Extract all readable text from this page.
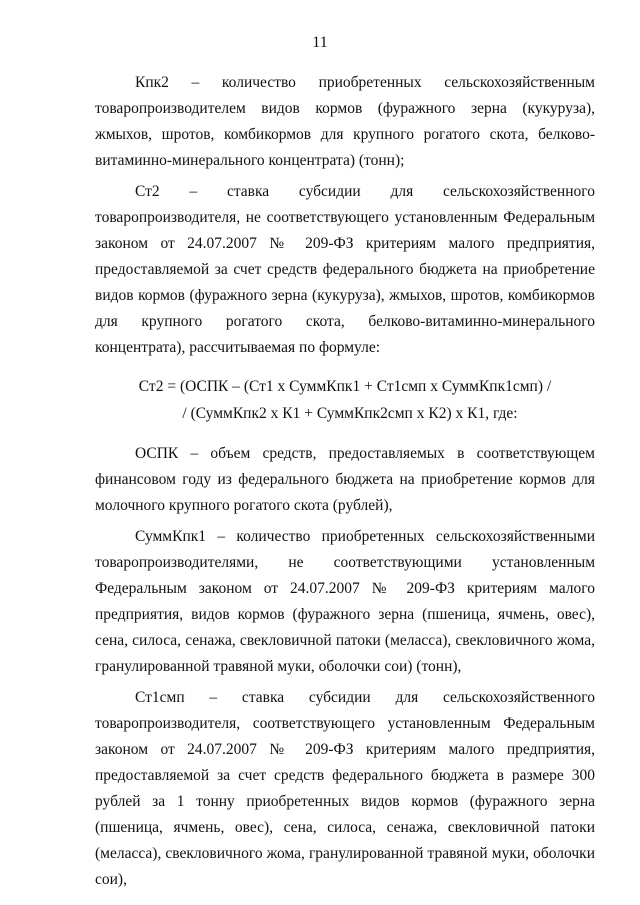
11

Кпк2 – количество приобретенных сельскохозяйственным товаропроизводителем видов кормов (фуражного зерна (кукуруза), жмыхов, шротов, комбикормов для крупного рогатого скота, белково-витаминно-минерального концентрата) (тонн);

Ст2 – ставка субсидии для сельскохозяйственного товаропроизводителя, не соответствующего установленным Федеральным законом от 24.07.2007 № 209-ФЗ критериям малого предприятия, предоставляемой за счет средств федерального бюджета на приобретение видов кормов (фуражного зерна (кукуруза), жмыхов, шротов, комбикормов для крупного рогатого скота, белково-витаминно-минерального концентрата), рассчитываемая по формуле:

Ст2 = (ОСПК – (Ст1 х СуммКпк1 + Ст1смп х СуммКпк1смп) /
/ (СуммКпк2 х К1 + СуммКпк2смп х К2) х К1, где:

ОСПК – объем средств, предоставляемых в соответствующем финансовом году из федерального бюджета на приобретение кормов для молочного крупного рогатого скота (рублей),

СуммКпк1 – количество приобретенных сельскохозяйственными товаропроизводителями, не соответствующими установленным Федеральным законом от 24.07.2007 № 209-ФЗ критериям малого предприятия, видов кормов (фуражного зерна (пшеница, ячмень, овес), сена, силоса, сенажа, свекловичной патоки (меласса), свекловичного жома, гранулированной травяной муки, оболочки сои) (тонн),

Ст1смп – ставка субсидии для сельскохозяйственного товаропроизводителя, соответствующего установленным Федеральным законом от 24.07.2007 № 209-ФЗ критериям малого предприятия, предоставляемой за счет средств федерального бюджета в размере 300 рублей за 1 тонну приобретенных видов кормов (фуражного зерна (пшеница, ячмень, овес), сена, силоса, сенажа, свекловичной патоки (меласса), свекловичного жома, гранулированной травяной муки, оболочки сои),
